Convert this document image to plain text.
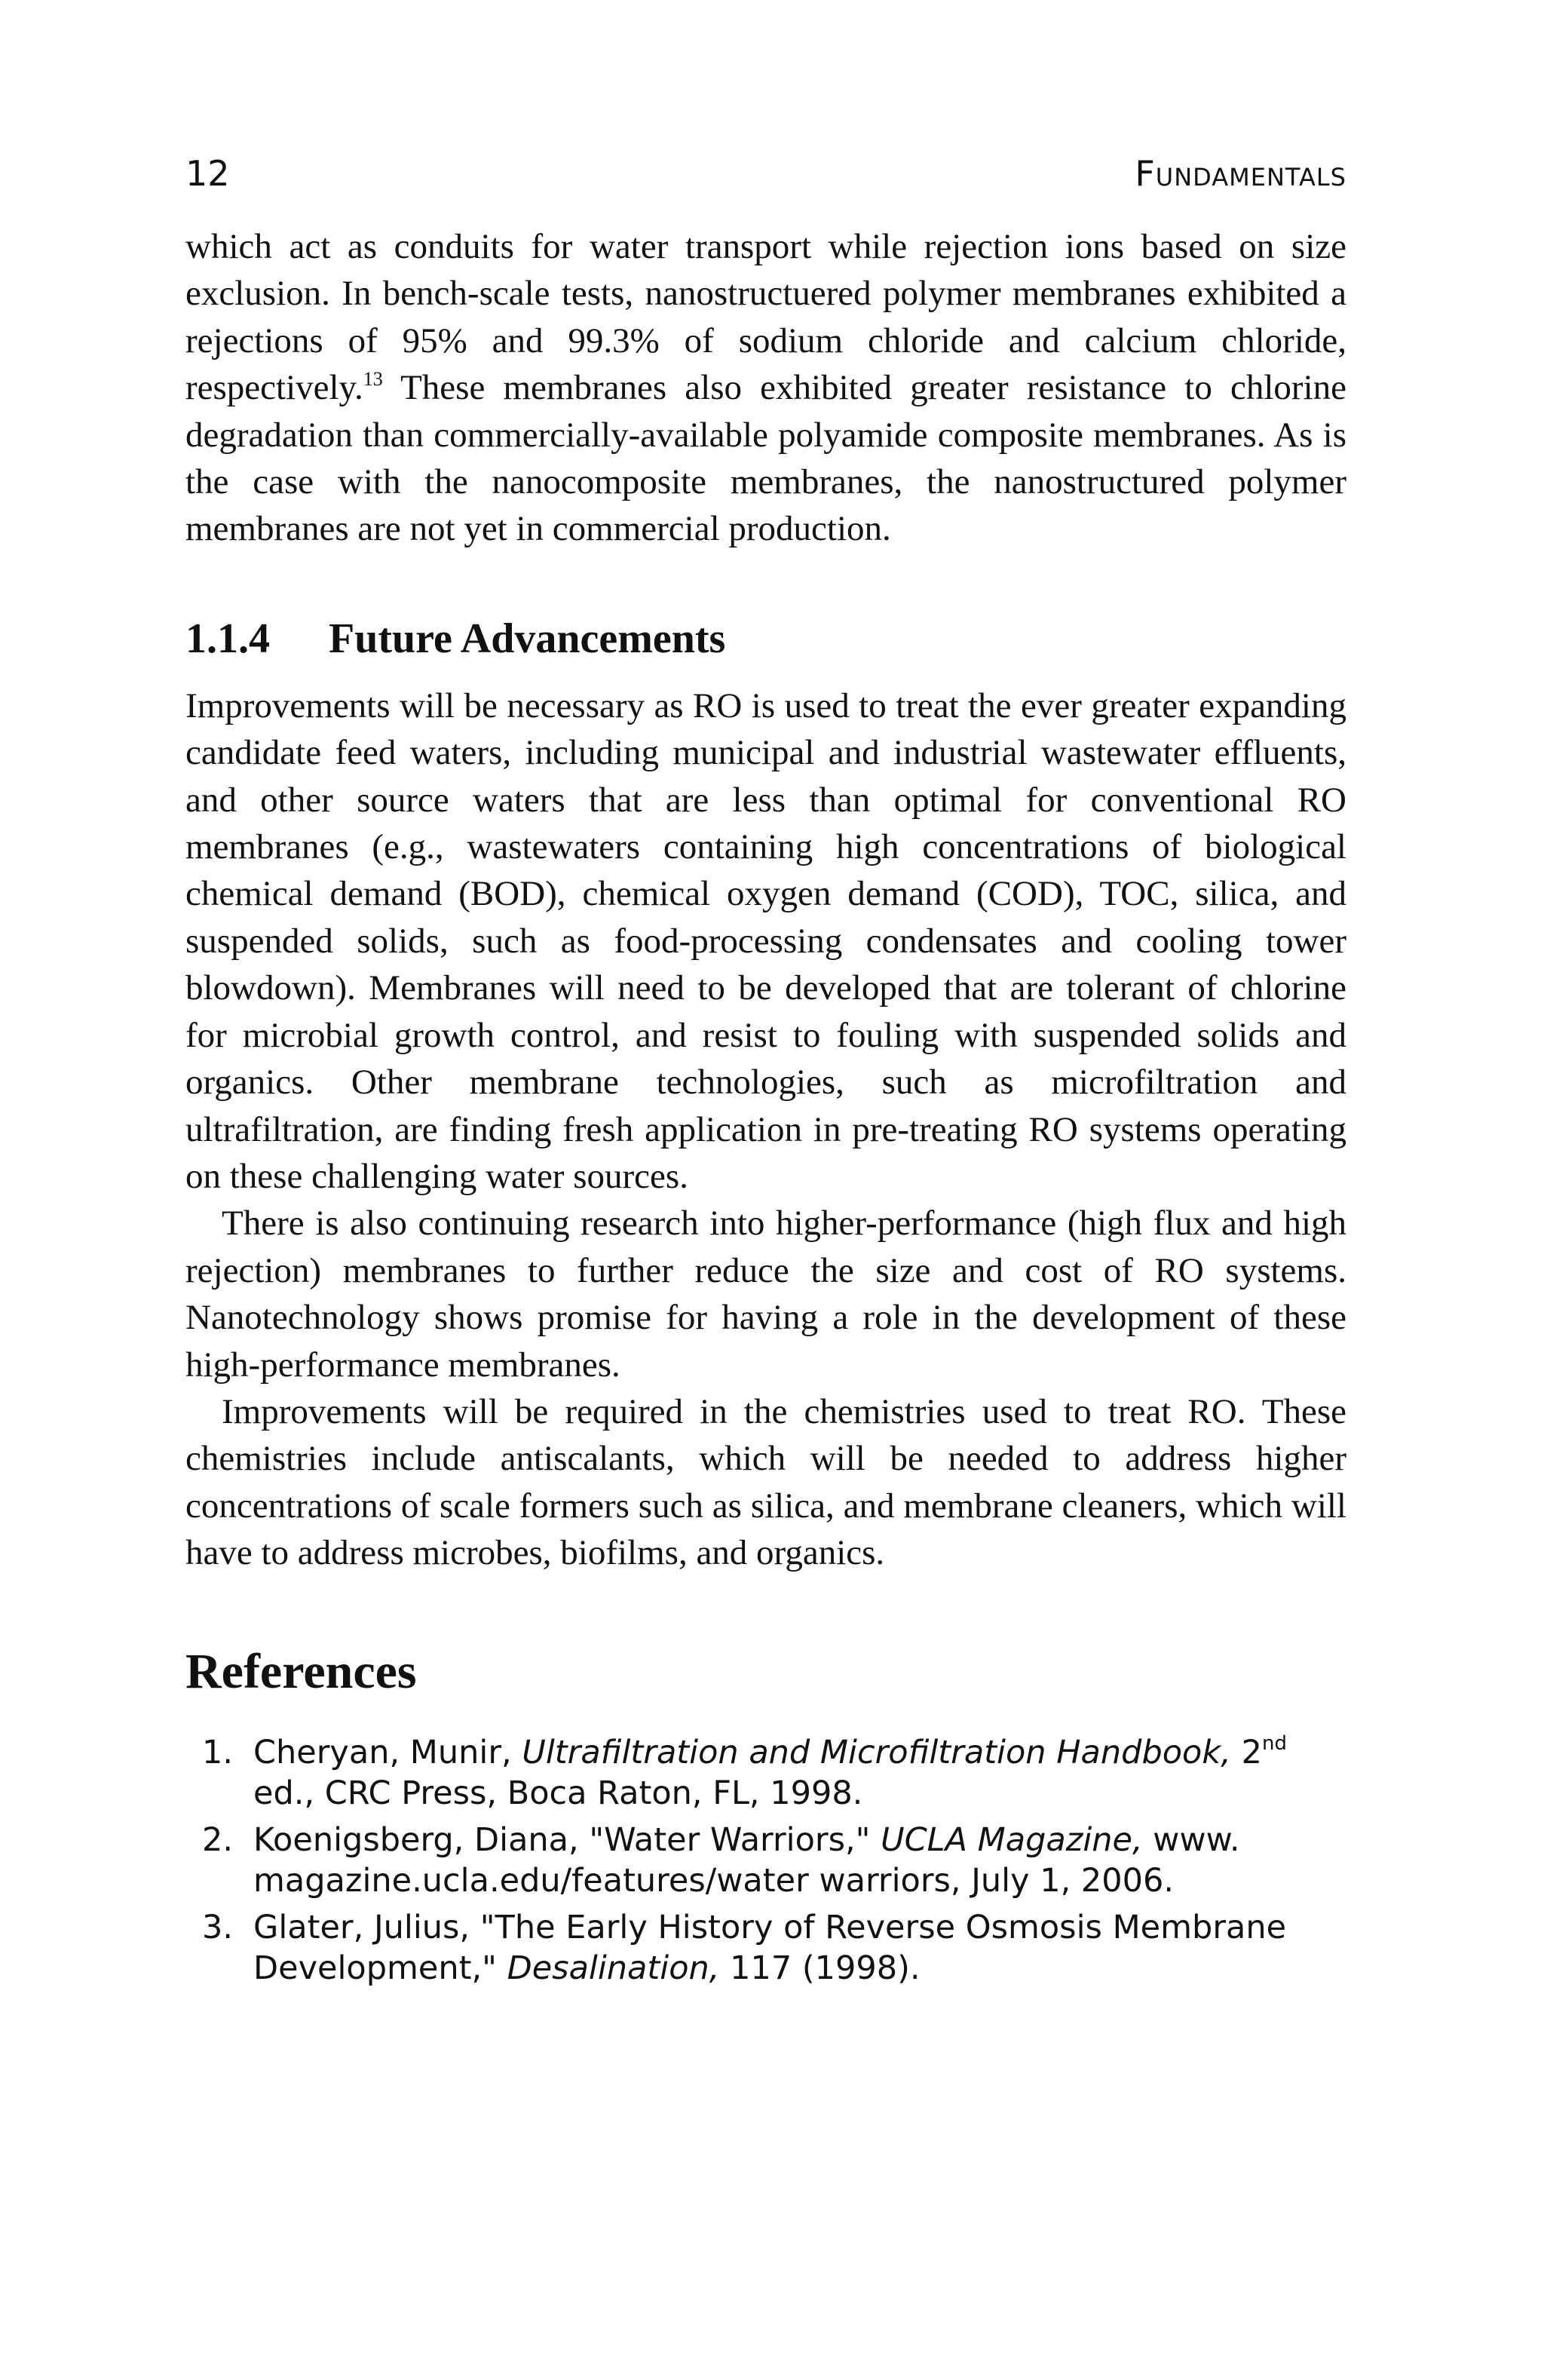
12	Fundamentals

which act as conduits for water transport while rejection ions based on size exclusion. In bench-scale tests, nanostructuered polymer membranes exhibited a rejections of 95% and 99.3% of sodium chloride and calcium chloride, respectively.$^{13}$ These membranes also exhibited greater resistance to chlorine degradation than commercially-available polyamide composite membranes. As is the case with the nanocomposite membranes, the nanostructured polymer membranes are not yet in commercial production.

1.1.4 Future Advancements

Improvements will be necessary as RO is used to treat the ever greater expanding candidate feed waters, including municipal and industrial wastewater effluents, and other source waters that are less than optimal for conventional RO membranes (e.g., wastewaters containing high concentrations of biological chemical demand (BOD), chemical oxygen demand (COD), TOC, silica, and suspended solids, such as food-processing condensates and cooling tower blowdown). Membranes will need to be developed that are tolerant of chlorine for microbial growth control, and resist to fouling with suspended solids and organics. Other membrane technologies, such as microfiltration and ultrafiltration, are finding fresh application in pre-treating RO systems operating on these challenging water sources.

There is also continuing research into higher-performance (high flux and high rejection) membranes to further reduce the size and cost of RO systems. Nanotechnology shows promise for having a role in the development of these high-performance membranes.

Improvements will be required in the chemistries used to treat RO. These chemistries include antiscalants, which will be needed to address higher concentrations of scale formers such as silica, and membrane cleaners, which will have to address microbes, biofilms, and organics.

References
1. Cheryan, Munir, Ultrafiltration and Microfiltration Handbook, 2nd ed., CRC Press, Boca Raton, FL, 1998.
2. Koenigsberg, Diana, "Water Warriors," UCLA Magazine, www. magazine.ucla.edu/features/water warriors, July 1, 2006.
3. Glater, Julius, "The Early History of Reverse Osmosis Membrane Development," Desalination, 117 (1998).
